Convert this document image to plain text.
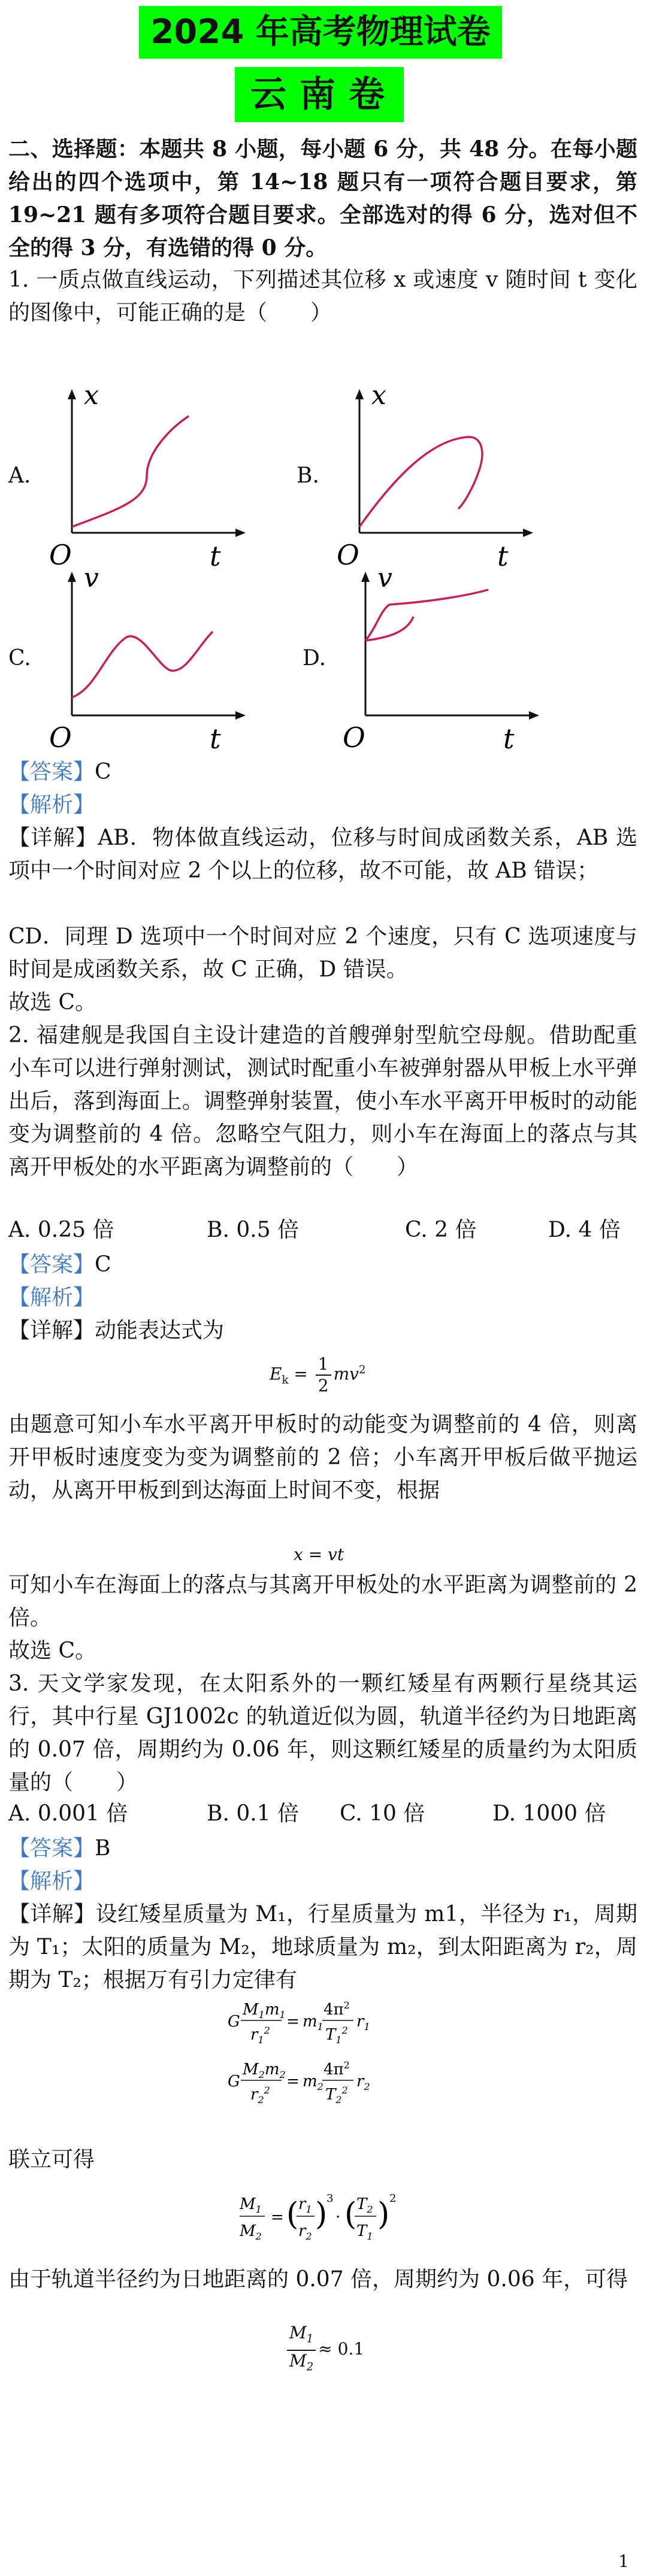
2024 年高考物理试卷
云南卷
二、选择题：本题共 8 小题，每小题 6 分，共 48 分。在每小题给出的四个选项中，第 14~18 题只有一项符合题目要求，第 19~21 题有多项符合题目要求。全部选对的得 6 分，选对但不全的得 3 分，有选错的得 0 分。
1. 一质点做直线运动，下列描述其位移 x 或速度 v 随时间 t 变化的图像中，可能正确的是（　　）
A.
x
O	t
B.
x
O	t
C.
v
O	t
D.
v
O	t
【答案】C
【解析】
【详解】AB．物体做直线运动，位移与时间成函数关系，AB 选项中一个时间对应 2 个以上的位移，故不可能，故 AB 错误；
CD．同理 D 选项中一个时间对应 2 个速度，只有 C 选项速度与时间是成函数关系，故 C 正确，D 错误。
故选 C。
2. 福建舰是我国自主设计建造的首艘弹射型航空母舰。借助配重小车可以进行弹射测试，测试时配重小车被弹射器从甲板上水平弹出后，落到海面上。调整弹射装置，使小车水平离开甲板时的动能变为调整前的 4 倍。忽略空气阻力，则小车在海面上的落点与其离开甲板处的水平距离为调整前的（　　）
A. 0.25 倍	B. 0.5 倍	C. 2 倍	D. 4 倍
【答案】C
【解析】
【详解】动能表达式为
$E_k = \frac{1}{2} mv^2$
由题意可知小车水平离开甲板时的动能变为调整前的 4 倍，则离开甲板时速度变为变为调整前的 2 倍；小车离开甲板后做平抛运动，从离开甲板到到达海面上时间不变，根据
x = vt
可知小车在海面上的落点与其离开甲板处的水平距离为调整前的 2 倍。
故选 C。
3. 天文学家发现，在太阳系外的一颗红矮星有两颗行星绕其运行，其中行星 GJ1002c 的轨道近似为圆，轨道半径约为日地距离的 0.07 倍，周期约为 0.06 年，则这颗红矮星的质量约为太阳质量的（　　）
A. 0.001 倍	B. 0.1 倍 C. 10 倍	D. 1000 倍
【答案】B
【解析】
【详解】设红矮星质量为 M₁，行星质量为 m1，半径为 r₁，周期为 T₁；太阳的质量为 M₂，地球质量为 m₂，到太阳距离为 r₂，周期为 T₂；根据万有引力定律有
G
$M_1m_1$
$r_1^2 = m_1$
$4\pi^2$
$T_1^2$ $r_1$
G
$M_2m_2$
$r_2^2 = m_2$
$4\pi^2$
$T_2^2$ $r_2$
联立可得
$M_1$
$M_2$
= ( $r_1$
$r_2$
)
3
· ( $T_2$
$T_1$
) 2
由于轨道半径约为日地距离的 0.07 倍，周期约为 0.06 年，可得
$\frac{M_1}{M_2} \approx 0.1$
1
